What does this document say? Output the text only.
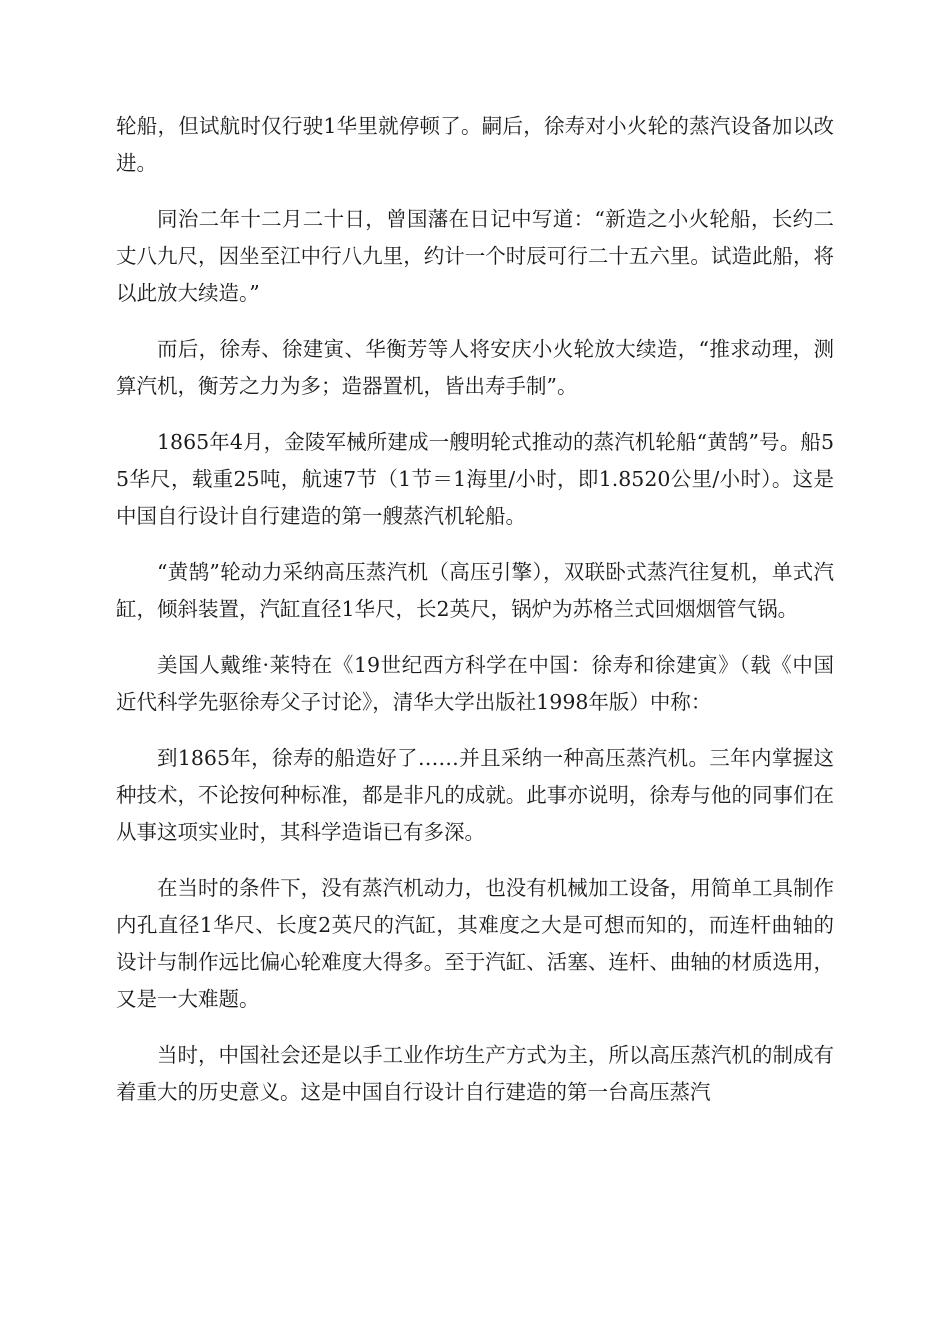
轮船，但试航时仅行驶1华里就停顿了。嗣后，徐寿对小火轮的蒸汽设备加以改进。

同治二年十二月二十日，曾国藩在日记中写道：“新造之小火轮船，长约二丈八九尺，因坐至江中行八九里，约计一个时辰可行二十五六里。试造此船，将以此放大续造。”

而后，徐寿、徐建寅、华衡芳等人将安庆小火轮放大续造，“推求动理，测算汽机，衡芳之力为多；造器置机，皆出寿手制”。

1865年4月，金陵军械所建成一艘明轮式推动的蒸汽机轮船“黄鹄”号。船55华尺，载重25吨，航速7节（1节＝1海里/小时，即1.8520公里/小时）。这是中国自行设计自行建造的第一艘蒸汽机轮船。

“黄鹄”轮动力采纳高压蒸汽机（高压引擎），双联卧式蒸汽往复机，单式汽缸，倾斜装置，汽缸直径1华尺，长2英尺，锅炉为苏格兰式回烟烟管气锅。

美国人戴维·莱特在《19世纪西方科学在中国：徐寿和徐建寅》（载《中国近代科学先驱徐寿父子讨论》，清华大学出版社1998年版）中称：

到1865年，徐寿的船造好了……并且采纳一种高压蒸汽机。三年内掌握这种技术，不论按何种标准，都是非凡的成就。此事亦说明，徐寿与他的同事们在从事这项实业时，其科学造诣已有多深。

在当时的条件下，没有蒸汽机动力，也没有机械加工设备，用简单工具制作内孔直径1华尺、长度2英尺的汽缸，其难度之大是可想而知的，而连杆曲轴的设计与制作远比偏心轮难度大得多。至于汽缸、活塞、连杆、曲轴的材质选用，又是一大难题。

当时，中国社会还是以手工业作坊生产方式为主，所以高压蒸汽机的制成有着重大的历史意义。这是中国自行设计自行建造的第一台高压蒸汽
